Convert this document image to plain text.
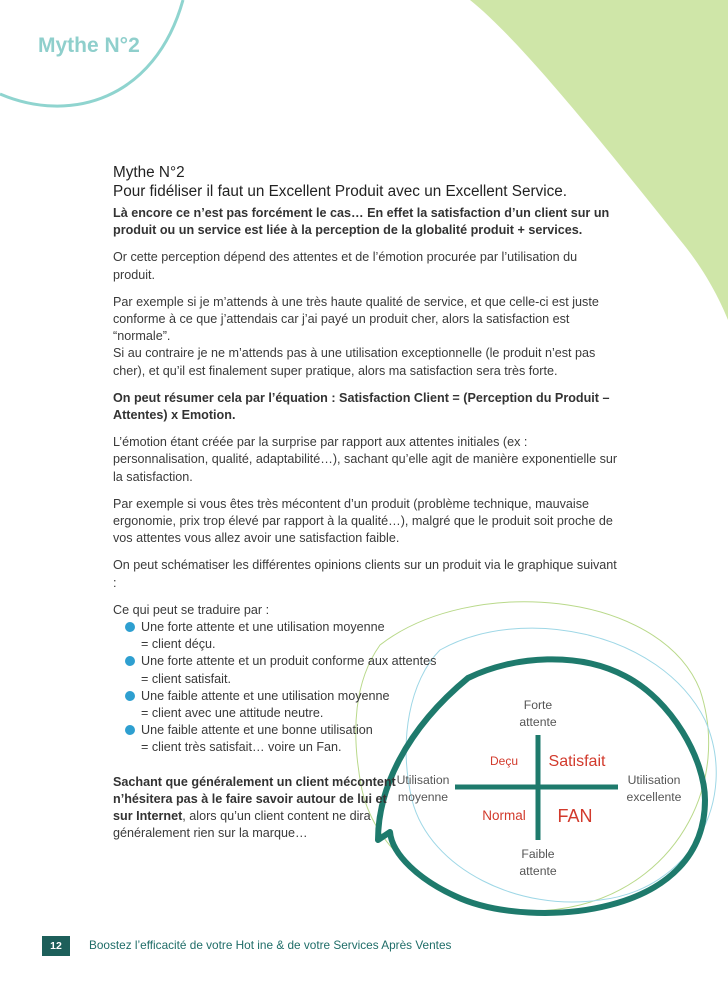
Mythe N°2
Mythe N°2
Pour fidéliser il faut un Excellent Produit avec un Excellent Service.

Là encore ce n’est pas forcément le cas… En effet la satisfaction d’un client sur un produit ou un service est liée à la perception de la globalité produit + services.

Or cette perception dépend des attentes et de l’émotion procurée par l’utilisation du produit.

Par exemple si je m’attends à une très haute qualité de service, et que celle-ci est juste conforme à ce que j’attendais car j’ai payé un produit cher, alors la satisfaction est “normale”.
Si au contraire je ne m’attends pas à une utilisation exceptionnelle (le produit n’est pas cher), et qu’il est finalement super pratique, alors ma satisfaction sera très forte.

On peut résumer cela par l’équation : Satisfaction Client = (Perception du Produit – Attentes) x Emotion.

L’émotion étant créée par la surprise par rapport aux attentes initiales (ex : personnalisation, qualité, adaptabilité…), sachant qu’elle agit de manière exponentielle sur la satisfaction.

Par exemple si vous êtes très mécontent d’un produit (problème technique, mauvaise ergonomie, prix trop élevé par rapport à la qualité…), malgré que le produit soit proche de vos attentes vous allez avoir une satisfaction faible.

On peut schématiser les différentes opinions clients sur un produit via le graphique suivant :

Ce qui peut se traduire par :
Une forte attente et une utilisation moyenne
= client déçu.
Une forte attente et un produit conforme aux attentes
= client satisfait.
Une faible attente et une utilisation moyenne
= client avec une attitude neutre.
Une faible attente et une bonne utilisation
= client très satisfait… voire un Fan.

Sachant que généralement un client mécontent n’hésitera pas à le faire savoir autour de lui et sur Internet, alors qu’un client content ne dira généralement rien sur la marque…

Forte
attente
Faible
attente
Utilisation
moyenne
Utilisation
excellente
Deçu	Satisfait
Normal	FAN
12	Boostez l’efficacité de votre Hot ine & de votre Services Après Ventes
